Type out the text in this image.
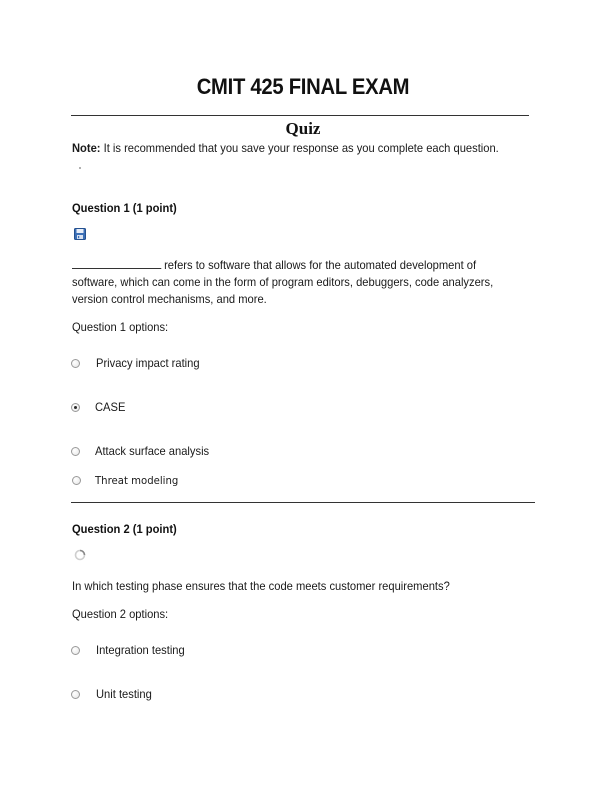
CMIT 425 FINAL EXAM
Quiz
Note: It is recommended that you save your response as you complete each question.
Question 1 (1 point)
refers to software that allows for the automated development of software, which can come in the form of program editors, debuggers, code analyzers, version control mechanisms, and more.
Question 1 options:
Privacy impact rating
CASE
Attack surface analysis
Threat modeling
Question 2 (1 point)
In which testing phase ensures that the code meets customer requirements?
Question 2 options:
Integration testing
Unit testing
